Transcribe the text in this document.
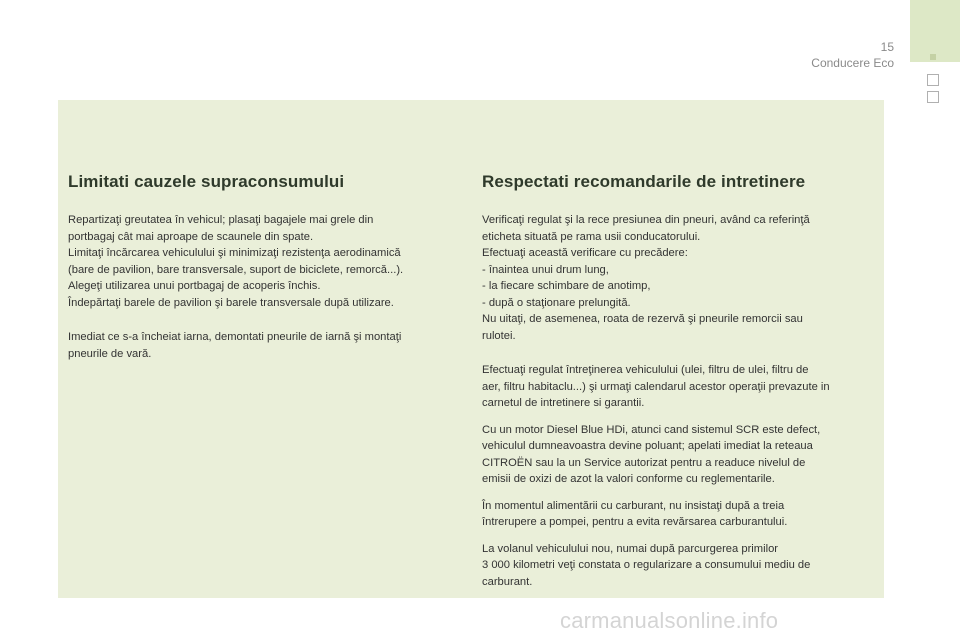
15
Conducere Eco
Limitati cauzele supraconsumului

Repartizaţi greutatea în vehicul; plasaţi bagajele mai grele din
portbagaj cât mai aproape de scaunele din spate.
Limitaţi încărcarea vehiculului şi minimizaţi rezistenţa aerodinamică
(bare de pavilion, bare transversale, suport de biciclete, remorcă...).
Alegeţi utilizarea unui portbagaj de acoperis închis.
Îndepărtaţi barele de pavilion şi barele transversale după utilizare.

Imediat ce s-a încheiat iarna, demontati pneurile de iarnă şi montaţi
pneurile de vară.

Respectati recomandarile de intretinere

Verificaţi regulat şi la rece presiunea din pneuri, având ca referinţă
eticheta situată pe rama usii conducatorului.
Efectuaţi această verificare cu precădere:
- înaintea unui drum lung,
- la fiecare schimbare de anotimp,
- după o staţionare prelungită.
Nu uitaţi, de asemenea, roata de rezervă şi pneurile remorcii sau
rulotei.

Efectuaţi regulat întreţinerea vehiculului (ulei, filtru de ulei, filtru de
aer, filtru habitaclu...) şi urmaţi calendarul acestor operaţii prevazute in
carnetul de intretinere si garantii.

Cu un motor Diesel Blue HDi, atunci cand sistemul SCR este defect,
vehiculul dumneavoastra devine poluant; apelati imediat la reteaua
CITROËN sau la un Service autorizat pentru a readuce nivelul de
emisii de oxizi de azot la valori conforme cu reglementarile.

În momentul alimentării cu carburant, nu insistaţi după a treia
întrerupere a pompei, pentru a evita revărsarea carburantului.

La volanul vehiculului nou, numai după parcurgerea primilor
3 000 kilometri veţi constata o regularizare a consumului mediu de
carburant.

carmanualsonline.info
